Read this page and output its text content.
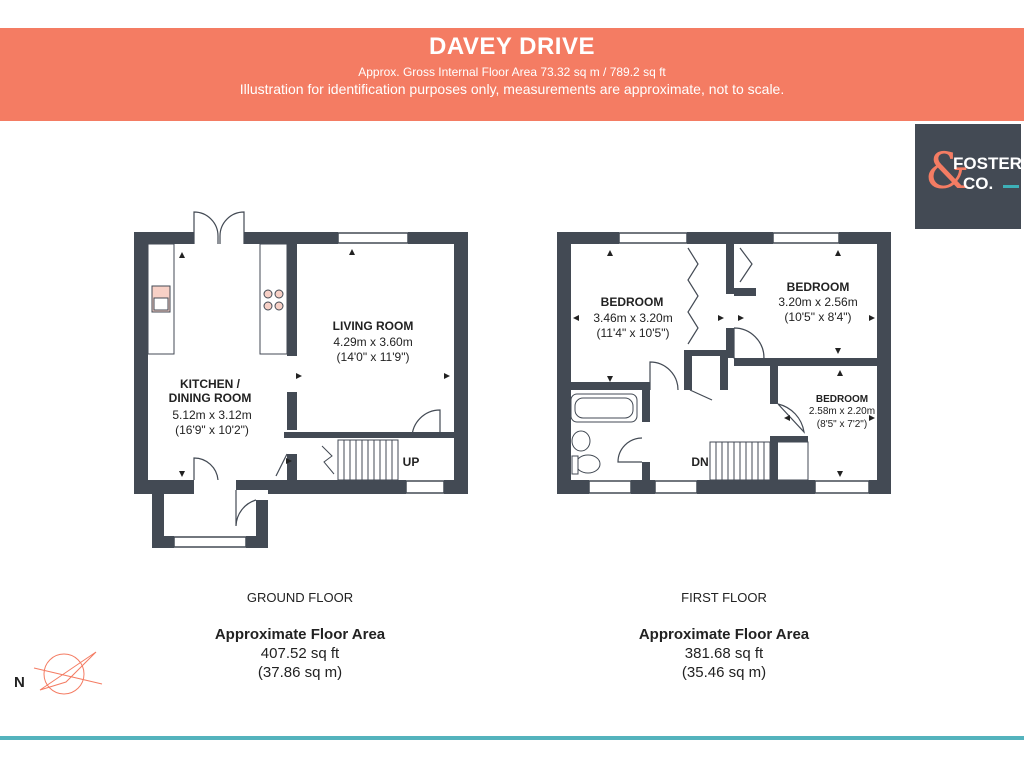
DAVEY DRIVE
Approx. Gross Internal Floor Area 73.32 sq m / 789.2 sq ft
Illustration for identification purposes only, measurements are approximate, not to scale.
&
FOSTER
CO.
KITCHEN /
DINING ROOM
5.12m x 3.12m
(16'9" x 10'2")
LIVING ROOM
4.29m x 3.60m
(14'0" x 11'9")
UP
BEDROOM
3.46m x 3.20m
(11'4" x 10'5")
BEDROOM
3.20m x 2.56m
(10'5" x 8'4")
BEDROOM
2.58m x 2.20m
(8'5" x 7'2")
DN
GROUND FLOOR
Approximate Floor Area
407.52 sq ft
(37.86 sq m)
FIRST FLOOR
Approximate Floor Area
381.68 sq ft
(35.46 sq m)
N
